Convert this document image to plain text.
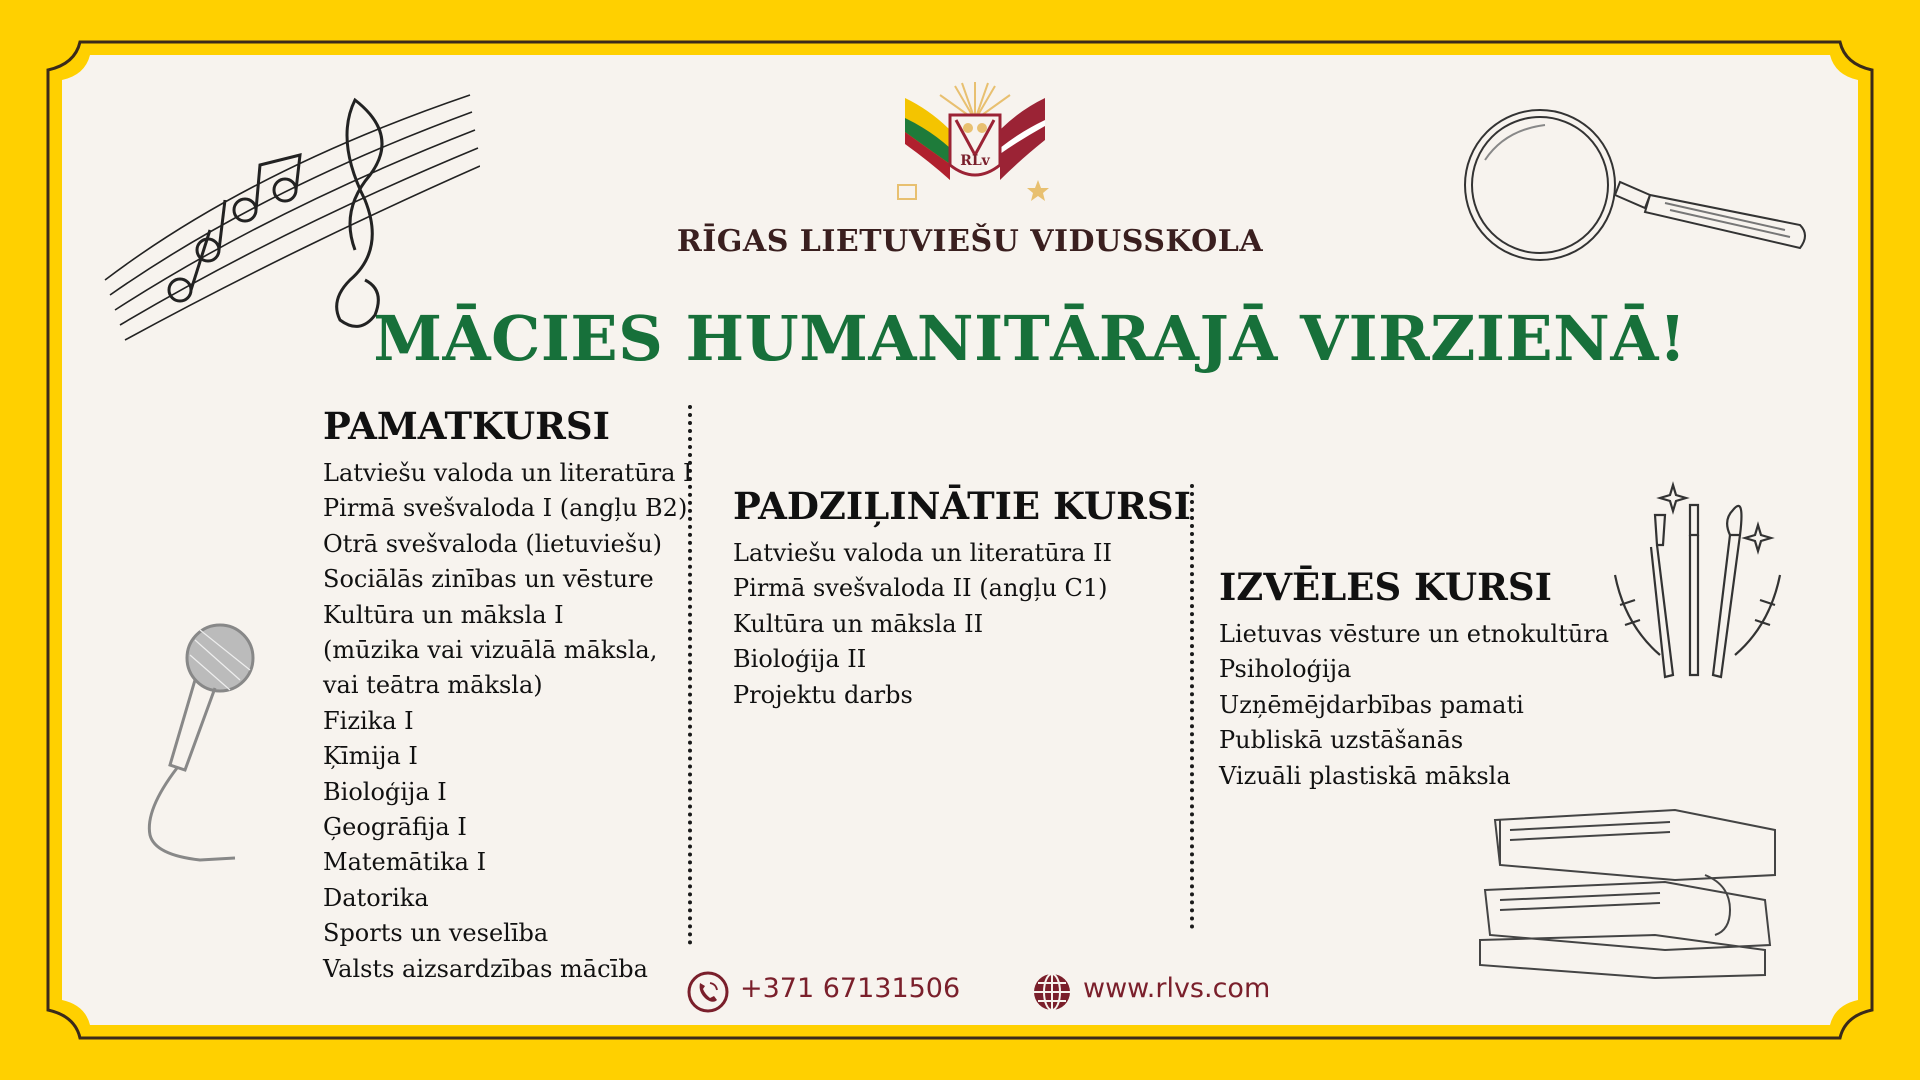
RLv
RĪGAS LIETUVIEŠU VIDUSSKOLA
MĀCIES HUMANITĀRAJĀ VIRZIENĀ!
PAMATKURSI

Latviešu valoda un literatūra I

Pirmā svešvaloda I (angļu B2)

Otrā svešvaloda (lietuviešu)

Sociālās zinības un vēsture

Kultūra un māksla I

(mūzika vai vizuālā māksla,

vai teātra māksla)

Fizika I

Ķīmija I

Bioloģija I

Ģeogrāfija I

Matemātika I

Datorika

Sports un veselība

Valsts aizsardzības mācība

PADZIĻINĀTIE KURSI

Latviešu valoda un literatūra II

Pirmā svešvaloda II (angļu C1)

Kultūra un māksla II

Bioloģija II

Projektu darbs

IZVĒLES KURSI

Lietuvas vēsture un etnokultūra

Psiholoģija

Uzņēmējdarbības pamati

Publiskā uzstāšanās

Vizuāli plastiskā māksla

+371 67131506	www.rlvs.com
